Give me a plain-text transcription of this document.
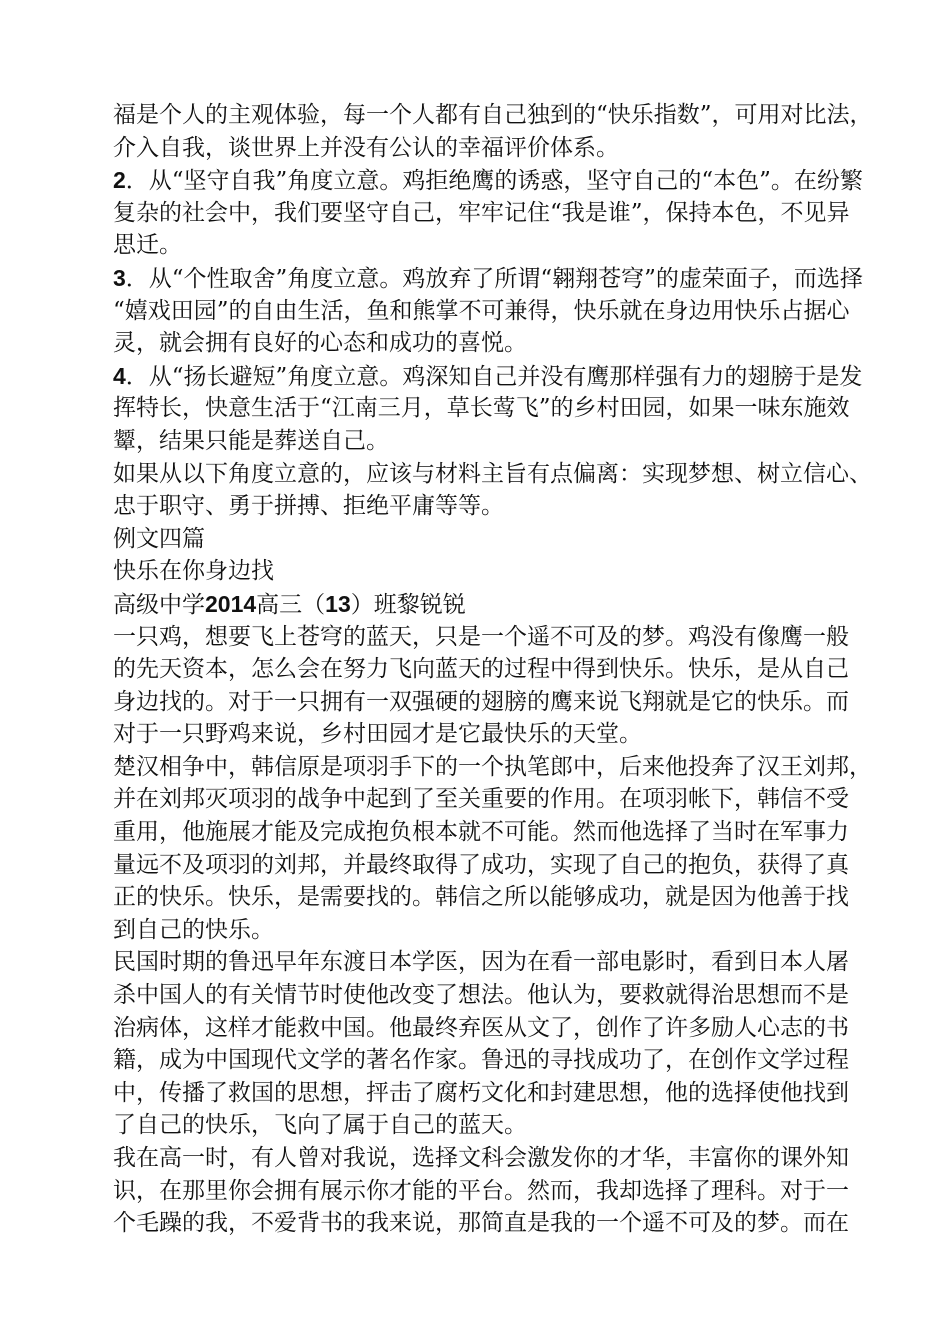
福是个人的主观体验，每一个人都有自己独到的“快乐指数”，可用对比法，
介入自我，谈世界上并没有公认的幸福评价体系。
2．从“坚守自我”角度立意。鸡拒绝鹰的诱惑，坚守自己的“本色”。在纷繁
复杂的社会中，我们要坚守自己，牢牢记住“我是谁”，保持本色，不见异
思迁。
3．从“个性取舍”角度立意。鸡放弃了所谓“翱翔苍穹”的虚荣面子，而选择
“嬉戏田园”的自由生活，鱼和熊掌不可兼得，快乐就在身边用快乐占据心
灵，就会拥有良好的心态和成功的喜悦。
4．从“扬长避短”角度立意。鸡深知自己并没有鹰那样强有力的翅膀于是发
挥特长，快意生活于“江南三月，草长莺飞”的乡村田园，如果一味东施效
颦，结果只能是葬送自己。
如果从以下角度立意的，应该与材料主旨有点偏离：实现梦想、树立信心、
忠于职守、勇于拼搏、拒绝平庸等等。
例文四篇
快乐在你身边找
高级中学2014高三（13）班黎锐锐
一只鸡，想要飞上苍穹的蓝天，只是一个遥不可及的梦。鸡没有像鹰一般
的先天资本，怎么会在努力飞向蓝天的过程中得到快乐。快乐，是从自己
身边找的。对于一只拥有一双强硬的翅膀的鹰来说飞翔就是它的快乐。而
对于一只野鸡来说，乡村田园才是它最快乐的天堂。
楚汉相争中，韩信原是项羽手下的一个执笔郎中，后来他投奔了汉王刘邦，
并在刘邦灭项羽的战争中起到了至关重要的作用。在项羽帐下，韩信不受
重用，他施展才能及完成抱负根本就不可能。然而他选择了当时在军事力
量远不及项羽的刘邦，并最终取得了成功，实现了自己的抱负，获得了真
正的快乐。快乐，是需要找的。韩信之所以能够成功，就是因为他善于找
到自己的快乐。
民国时期的鲁迅早年东渡日本学医，因为在看一部电影时，看到日本人屠
杀中国人的有关情节时使他改变了想法。他认为，要救就得治思想而不是
治病体，这样才能救中国。他最终弃医从文了，创作了许多励人心志的书
籍，成为中国现代文学的著名作家。鲁迅的寻找成功了，在创作文学过程
中，传播了救国的思想，抨击了腐朽文化和封建思想，他的选择使他找到
了自己的快乐，飞向了属于自己的蓝天。
我在高一时，有人曾对我说，选择文科会激发你的才华，丰富你的课外知
识，在那里你会拥有展示你才能的平台。然而，我却选择了理科。对于一
个毛躁的我，不爱背书的我来说，那简直是我的一个遥不可及的梦。而在
